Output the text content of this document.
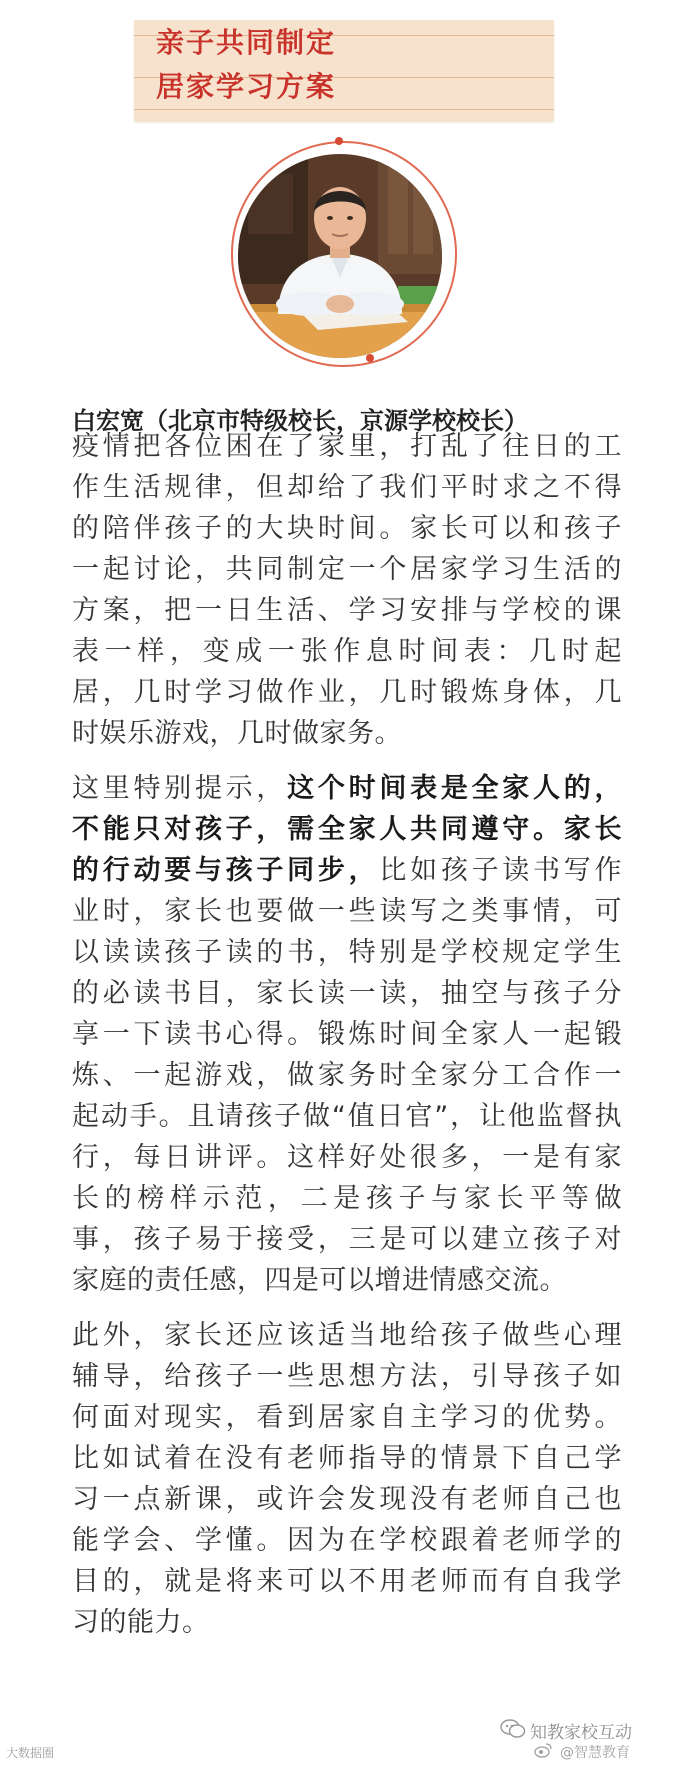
亲子共同制定
居家学习方案
白宏宽（北京市特级校长，京源学校校长）
疫情把各位困在了家里，打乱了往日的工
作生活规律，但却给了我们平时求之不得
的陪伴孩子的大块时间。家长可以和孩子
一起讨论，共同制定一个居家学习生活的
方案，把一日生活、学习安排与学校的课
表一样，变成一张作息时间表：几时起
居，几时学习做作业，几时锻炼身体，几
时娱乐游戏，几时做家务。
这里特别提示，这个时间表是全家人的，
不能只对孩子，需全家人共同遵守。家长
的行动要与孩子同步，比如孩子读书写作
业时，家长也要做一些读写之类事情，可
以读读孩子读的书，特别是学校规定学生
的必读书目，家长读一读，抽空与孩子分
享一下读书心得。锻炼时间全家人一起锻
炼、一起游戏，做家务时全家分工合作一
起动手。且请孩子做“值日官”，让他监督执
行，每日讲评。这样好处很多，一是有家
长的榜样示范，二是孩子与家长平等做
事，孩子易于接受，三是可以建立孩子对
家庭的责任感，四是可以增进情感交流。
此外，家长还应该适当地给孩子做些心理
辅导，给孩子一些思想方法，引导孩子如
何面对现实，看到居家自主学习的优势。
比如试着在没有老师指导的情景下自己学
习一点新课，或许会发现没有老师自己也
能学会、学懂。因为在学校跟着老师学的
目的，就是将来可以不用老师而有自我学
习的能力。
大数据圈
知教家校互动
@智慧教育
